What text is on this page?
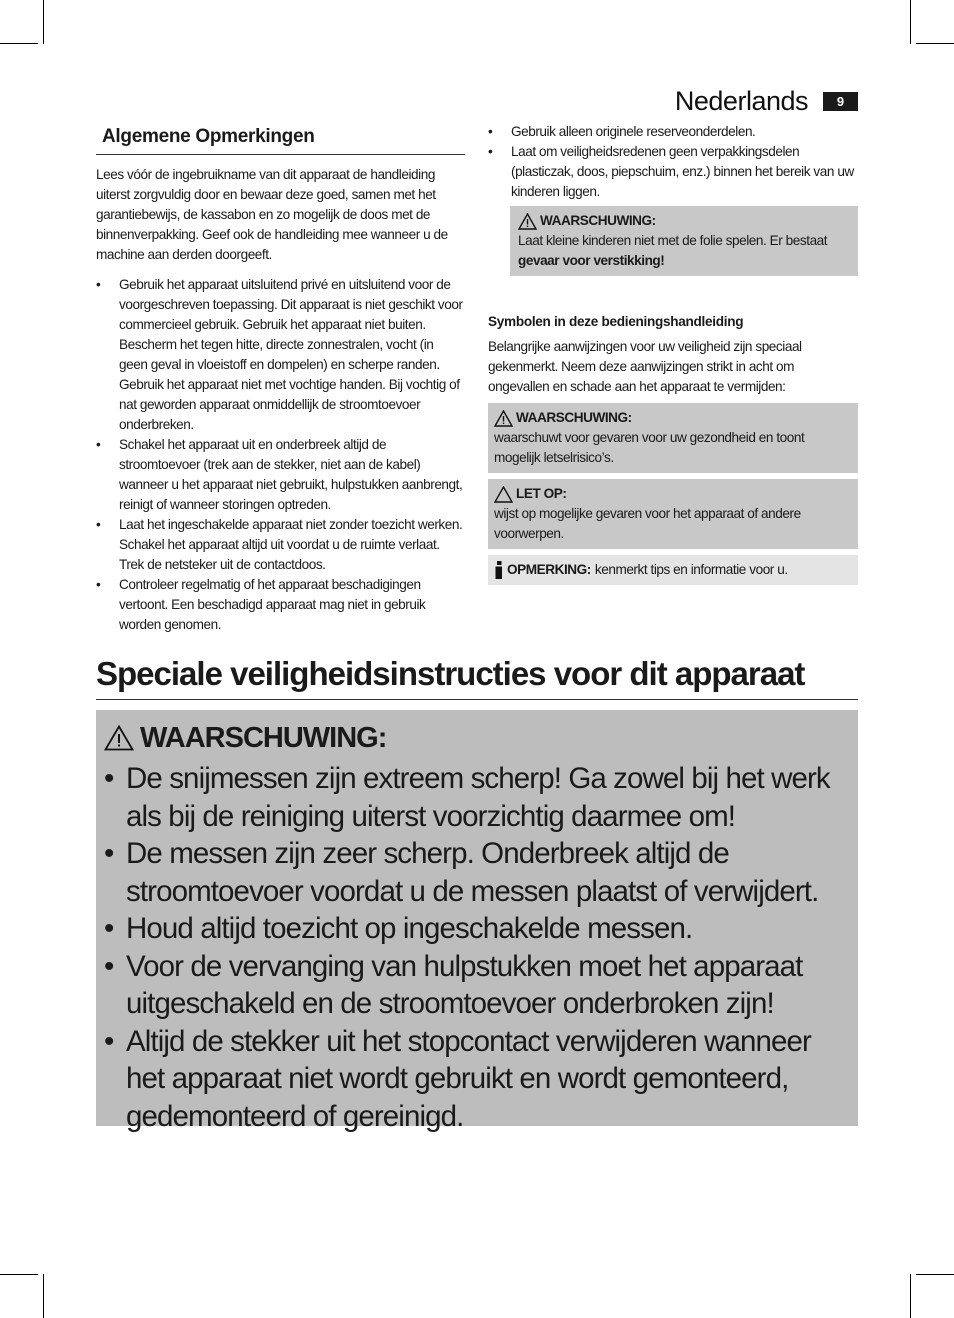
Nederlands	9
Algemene Opmerkingen

Lees vóór de ingebruikname van dit apparaat de handleiding uiterst zorgvuldig door en bewaar deze goed, samen met het garantiebewijs, de kassabon en zo mogelijk de doos met de binnenverpakking. Geef ook de handleiding mee wanneer u de machine aan derden doorgeeft.

• Gebruik het apparaat uitsluitend privé en uitsluitend voor de voorgeschreven toepassing. Dit apparaat is niet geschikt voor commercieel gebruik. Gebruik het apparaat niet buiten. Bescherm het tegen hitte, directe zonnestralen, vocht (in geen geval in vloeistoff en dompelen) en scherpe randen. Gebruik het apparaat niet met vochtige handen. Bij vochtig of nat geworden apparaat onmiddellijk de stroomtoevoer onderbreken.
• Schakel het apparaat uit en onderbreek altijd de stroomtoevoer (trek aan de stekker, niet aan de kabel) wanneer u het apparaat niet gebruikt, hulpstukken aanbrengt, reinigt of wanneer storingen optreden.
• Laat het ingeschakelde apparaat niet zonder toezicht werken. Schakel het apparaat altijd uit voordat u de ruimte verlaat. Trek de netsteker uit de contactdoos.
• Controleer regelmatig of het apparaat beschadigingen vertoont. Een beschadigd apparaat mag niet in gebruik worden genomen.
• Gebruik alleen originele reserveonderdelen.
• Laat om veiligheidsredenen geen verpakkingsdelen (plasticzak, doos, piepschuim, enz.) binnen het bereik van uw kinderen liggen.
WAARSCHUWING:
Laat kleine kinderen niet met de folie spelen. Er bestaat
gevaar voor verstikking!
Symbolen in deze bedieningshandleiding

Belangrijke aanwijzingen voor uw veiligheid zijn speciaal gekenmerkt. Neem deze aanwijzingen strikt in acht om ongevallen en schade aan het apparaat te vermijden:

WAARSCHUWING:
waarschuwt voor gevaren voor uw gezondheid en toont mogelijk letselrisico’s.
LET OP:
wijst op mogelijke gevaren voor het apparaat of andere voorwerpen.
OPMERKING: kenmerkt tips en informatie voor u.
Speciale veiligheidsinstructies voor dit apparaat
WAARSCHUWING:
• De snijmessen zijn extreem scherp! Ga zowel bij het werk als bij de reiniging uiterst voorzichtig daarmee om!
• De messen zijn zeer scherp. Onderbreek altijd de stroomtoevoer voordat u de messen plaatst of verwijdert.
• Houd altijd toezicht op ingeschakelde messen.
• Voor de vervanging van hulpstukken moet het apparaat uitgeschakeld en de stroomtoevoer onderbroken zijn!
• Altijd de stekker uit het stopcontact verwijderen wanneer het apparaat niet wordt gebruikt en wordt gemonteerd, gedemonteerd of gereinigd.
